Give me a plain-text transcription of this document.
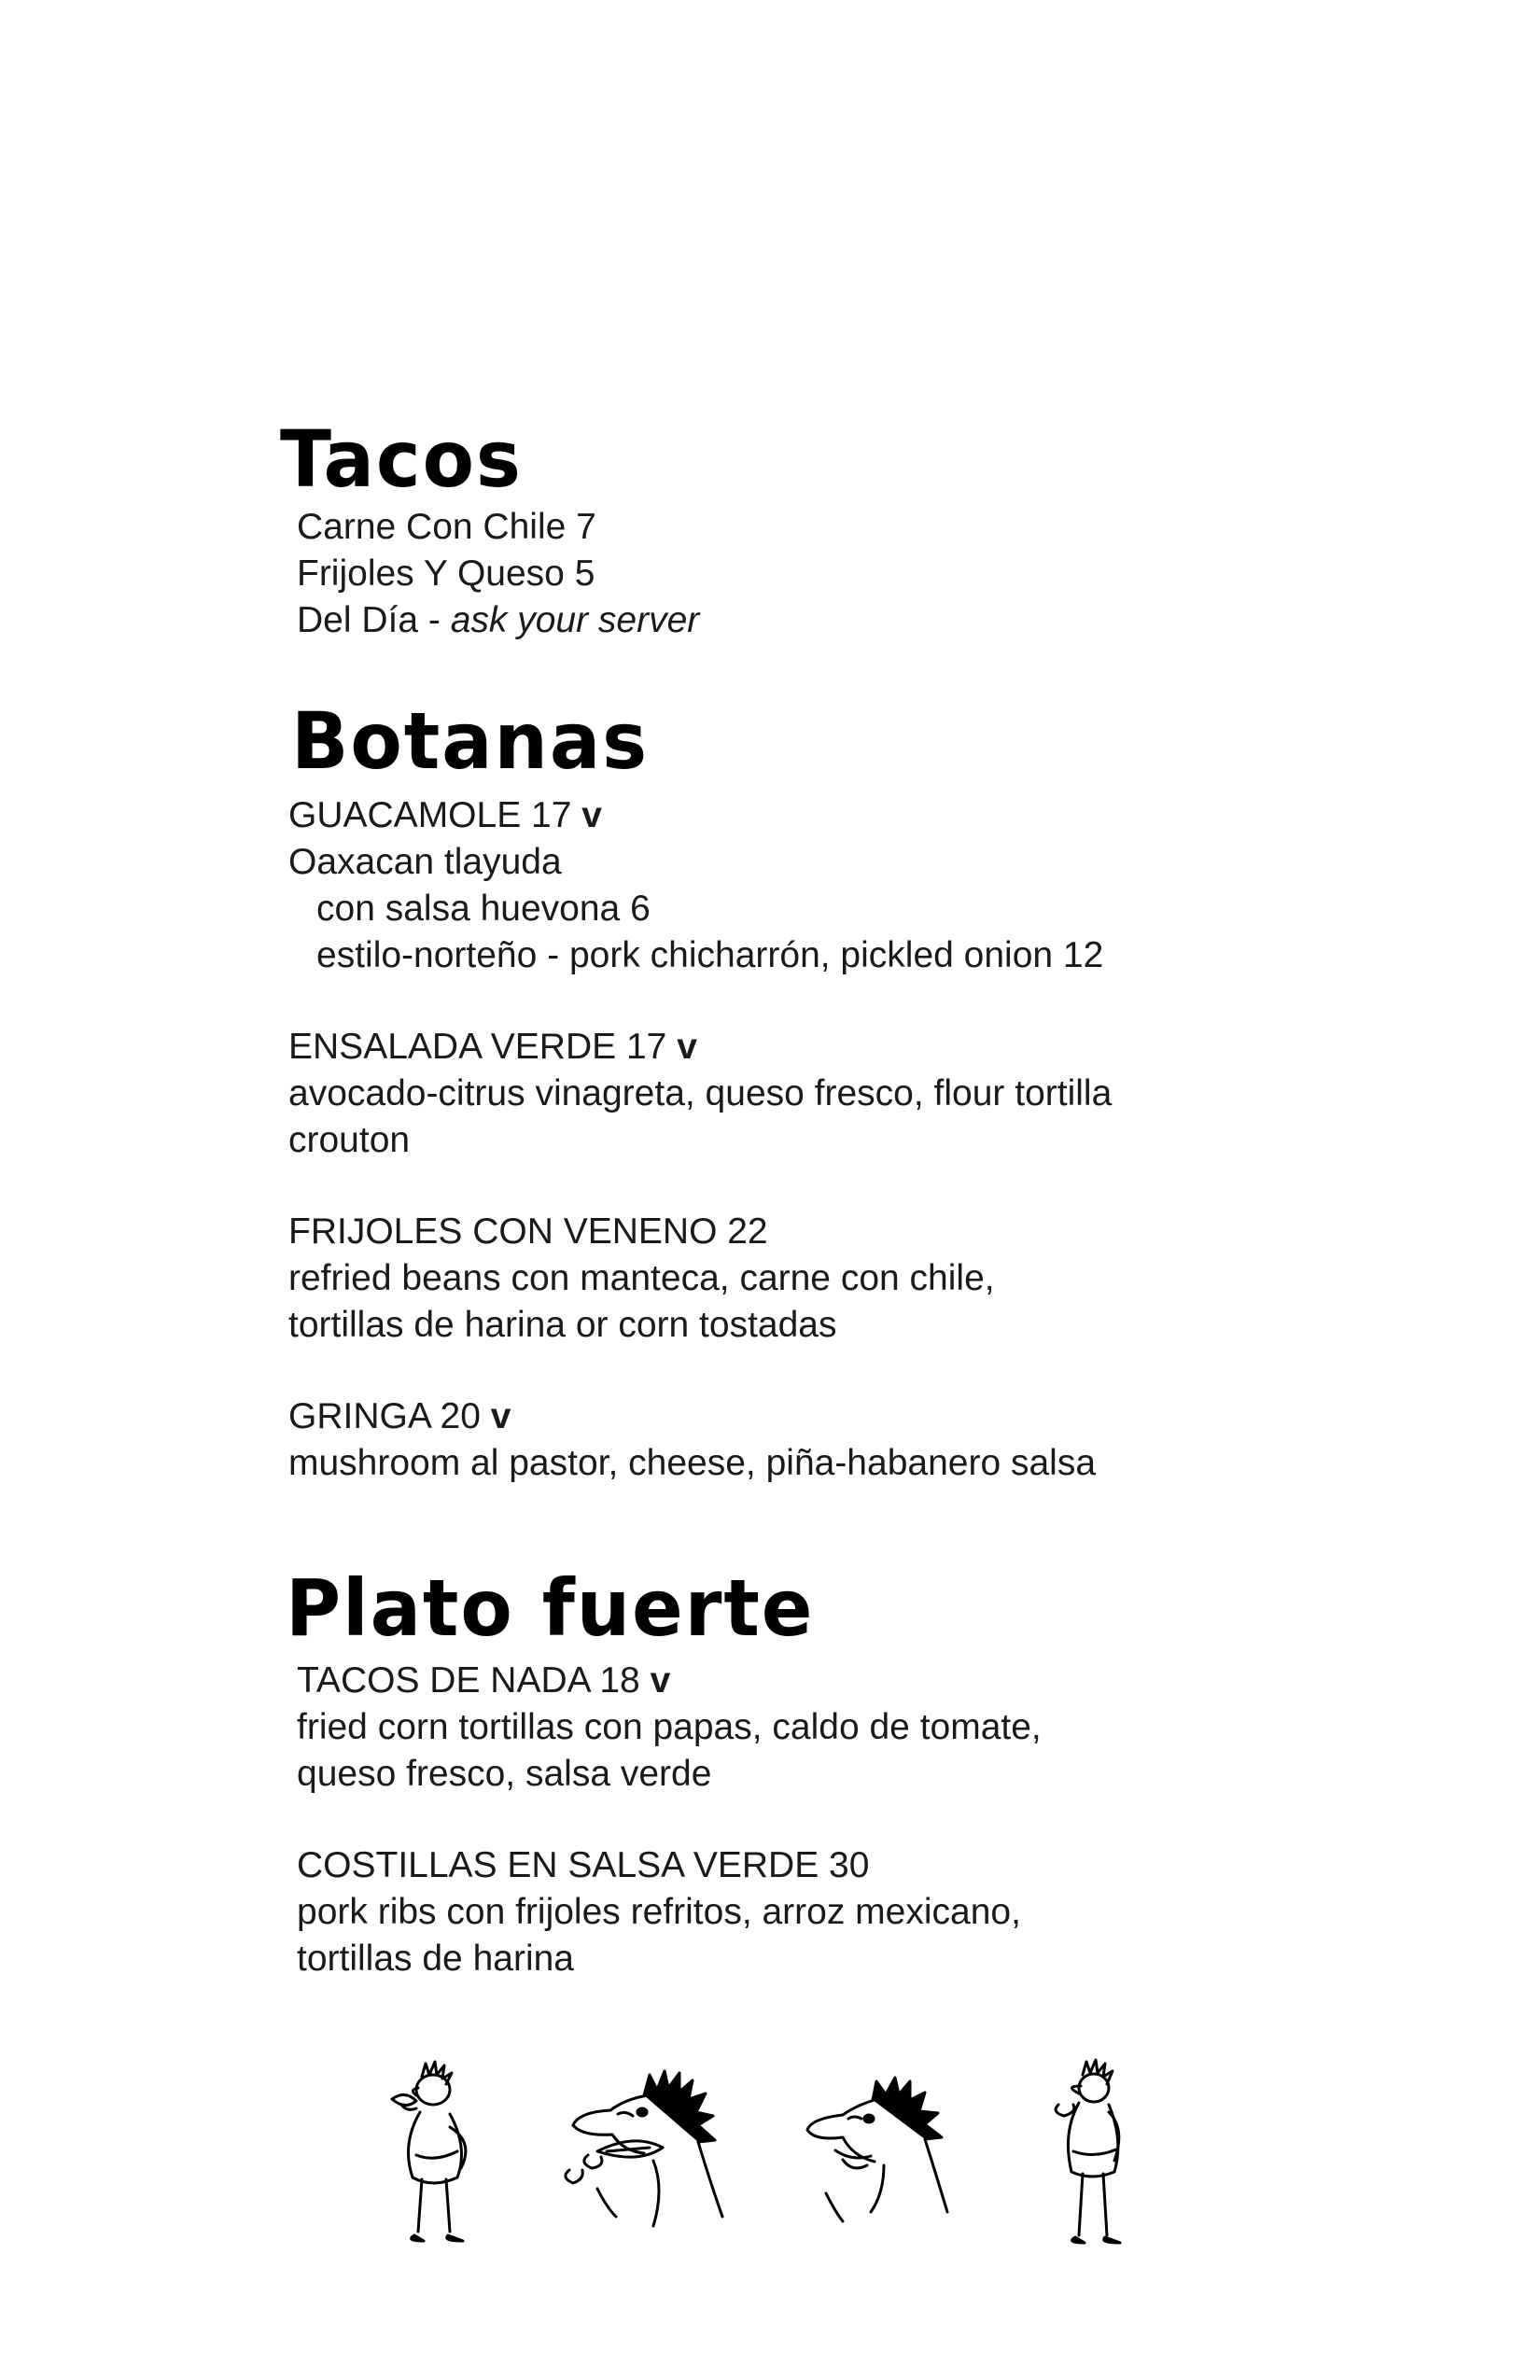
Tacos
Carne Con Chile 7
Frijoles Y Queso 5
Del Día - ask your server
Botanas
GUACAMOLE 17 v
Oaxacan tlayuda
con salsa huevona 6
estilo-norteño - pork chicharrón, pickled onion 12
ENSALADA VERDE 17 v
avocado-citrus vinagreta, queso fresco, flour tortilla
crouton
FRIJOLES CON VENENO 22
refried beans con manteca, carne con chile,
tortillas de harina or corn tostadas
GRINGA 20 v
mushroom al pastor, cheese, piña-habanero salsa
Plato fuerte
TACOS DE NADA 18 v
fried corn tortillas con papas, caldo de tomate,
queso fresco, salsa verde
COSTILLAS EN SALSA VERDE 30
pork ribs con frijoles refritos, arroz mexicano,
tortillas de harina
